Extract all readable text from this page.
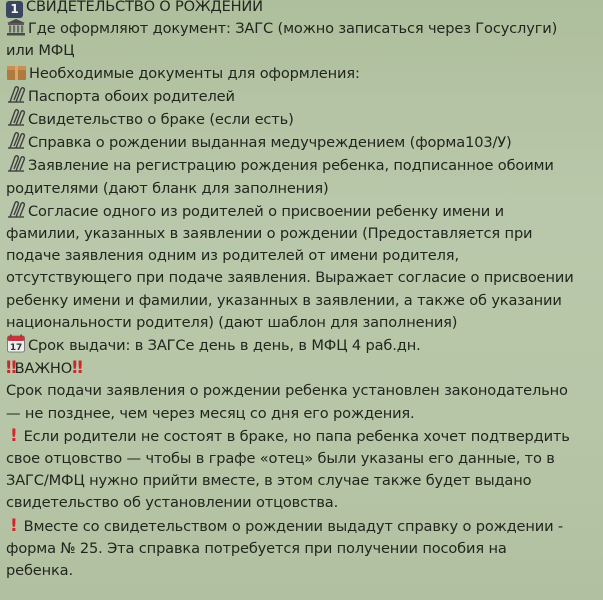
1 СВИДЕТЕЛЬСТВО О РОЖДЕНИИ
Где оформляют документ: ЗАГС (можно записаться через Госуслуги)
или МФЦ
Необходимые документы для оформления:
Паспорта обоих родителей
Свидетельство о браке (если есть)
Справка о рождении выданная медучреждением (форма103/У)
Заявление на регистрацию рождения ребенка, подписанное обоими
родителями (дают бланк для заполнения)
Согласие одного из родителей о присвоении ребенку имени и
фамилии, указанных в заявлении о рождении (Предоставляется при
подаче заявления одним из родителей от имени родителя,
отсутствующего при подаче заявления. Выражает согласие о присвоении
ребенку имени и фамилии, указанных в заявлении, а также об указании
национальности родителя) (дают шаблон для заполнения)
17 Срок выдачи: в ЗАГСе день в день, в МФЦ 4 раб.дн.
‼ВАЖНО‼
Срок подачи заявления о рождении ребенка установлен законодательно
— не позднее, чем через месяц со дня его рождения.
! Если родители не состоят в браке, но папа ребенка хочет подтвердить
свое отцовство — чтобы в графе «отец» были указаны его данные, то в
ЗАГС/МФЦ нужно прийти вместе, в этом случае также будет выдано
свидетельство об установлении отцовства.
! Вместе со свидетельством о рождении выдадут справку о рождении -
форма № 25. Эта справка потребуется при получении пособия на
ребенка.
